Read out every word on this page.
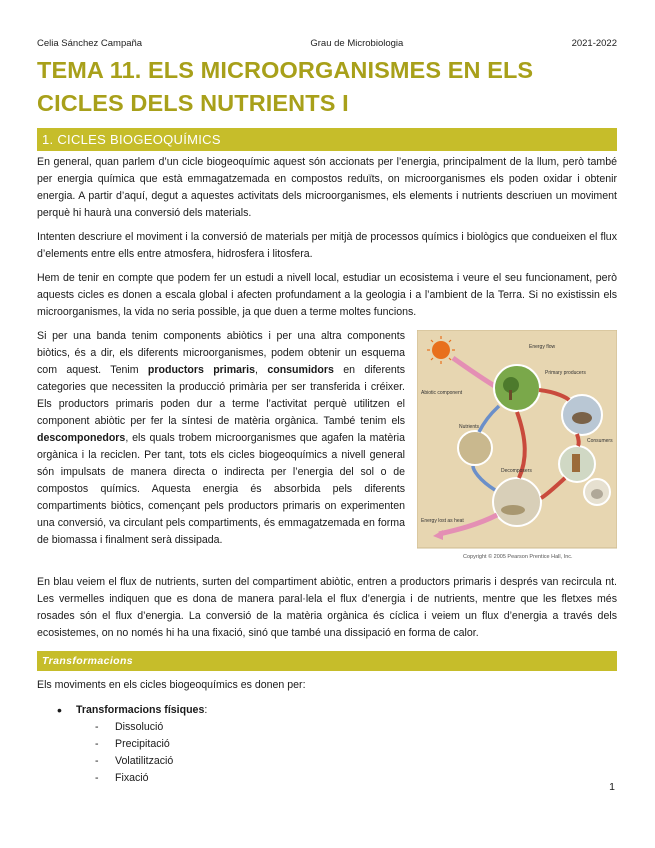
Celia Sánchez Campaña	Grau de Microbiologia	2021-2022
TEMA 11. ELS MICROORGANISMES EN ELS CICLES DELS NUTRIENTS I
1. CICLES BIOGEOQUÍMICS

En general, quan parlem d’un cicle biogeoquímic aquest són accionats per l’energia, principalment de la llum, però també per energia química que està emmagatzemada en compostos reduïts, on microorganismes els poden oxidar i obtenir energia. A partir d’aquí, degut a aquestes activitats dels microorganismes, els elements i nutrients descriuen un moviment perquè hi haurà una conversió dels materials.

Intenten descriure el moviment i la conversió de materials per mitjà de processos químics i biològics que condueixen el flux d’elements entre ells entre atmosfera, hidrosfera i litosfera.

Hem de tenir en compte que podem fer un estudi a nivell local, estudiar un ecosistema i veure el seu funcionament, però aquests cicles es donen a escala global i afecten profundament a la geologia i a l’ambient de la Terra. Si no existissin els microorganismes, la vida no seria possible, ja que duen a terme moltes funcions.

Si per una banda tenim components abiòtics i per una altra components biòtics, és a dir, els diferents microorganismes, podem obtenir un esquema com aquest. Tenim productors primaris, consumidors en diferents categories que necessiten la producció primària per ser transferida i créixer. Els productors primaris poden dur a terme l’activitat perquè utilitzen el component abiòtic per fer la síntesi de matèria orgànica. També tenim els descomponedors, els quals trobem microorganismes que agafen la matèria orgànica i la reciclen. Per tant, tots els cicles biogeoquímics a nivell general són impulsats de manera directa o indirecta per l’energia del sol o de compostos químics. Aquesta energia és absorbida pels diferents compartiments biòtics, començant pels productors primaris on experimenten una conversió, va circulant pels compartiments, és emmagatzemada en forma de biomassa i finalment serà dissipada.

Energy flow
Abiotic component
Primary producers
Consumers
Decomposers
Nutrients
Energy lost as heat
Copyright © 2005 Pearson Prentice Hall, Inc.

En blau veiem el flux de nutrients, surten del compartiment abiòtic, entren a productors primaris i després van recircula nt. Les vermelles indiquen que es dona de manera paral·lela el flux d’energia i de nutrients, mentre que les fletxes més rosades són el flux d’energia. La conversió de la matèria orgànica és cíclica i veiem un flux d’energia a través dels ecosistemes, on no només hi ha una fixació, sinó que també una dissipació en forma de calor.

Transformacions

Els moviments en els cicles biogeoquímics es donen per:

• Transformacions físiques:
- Dissolució
- Precipitació
- Volatilització
- Fixació
1
